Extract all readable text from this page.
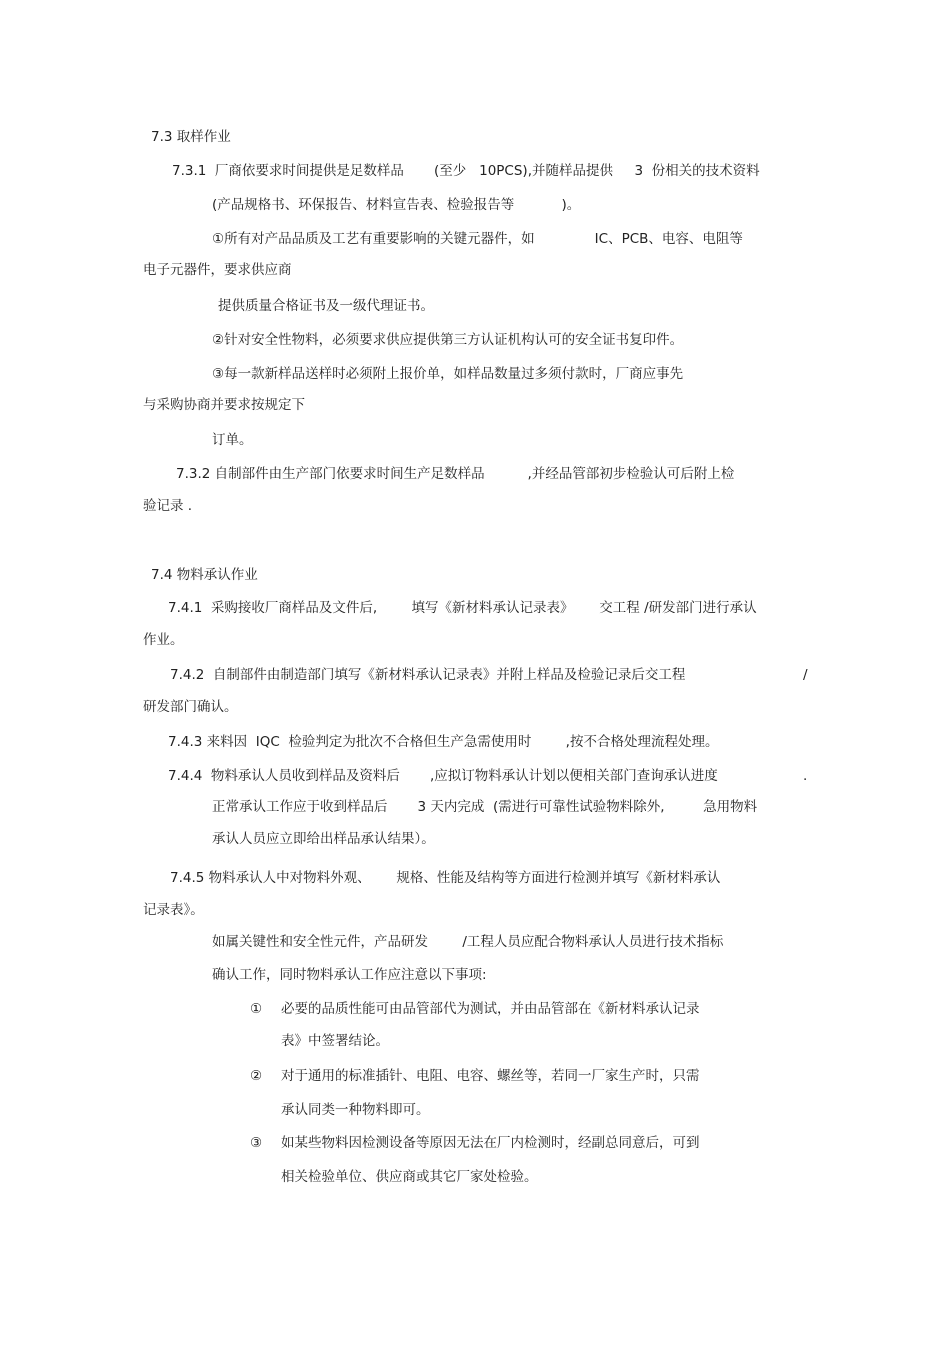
7.3 取样作业
7.3.1  厂商依要求时间提供是足数样品       (至少   10PCS),并随样品提供     3  份相关的技术资料
(产品规格书、环保报告、材料宣告表、检验报告等           )。
①所有对产品品质及工艺有重要影响的关键元器件，如              IC、PCB、电容、电阻等
电子元器件，要求供应商
提供质量合格证书及一级代理证书。
②针对安全性物料，必须要求供应提供第三方认证机构认可的安全证书复印件。
③每一款新样品送样时必须附上报价单，如样品数量过多须付款时，厂商应事先
与采购协商并要求按规定下
订单。
7.3.2 自制部件由生产部门依要求时间生产足数样品          ,并经品管部初步检验认可后附上检
验记录 .
7.4 物料承认作业
7.4.1  采购接收厂商样品及文件后,        填写《新材料承认记录表》      交工程 /研发部门进行承认
作业。
7.4.2  自制部件由制造部门填写《新材料承认记录表》并附上样品及检验记录后交工程	/
研发部门确认。
7.4.3 来料因  IQC  检验判定为批次不合格但生产急需使用时        ,按不合格处理流程处理。
7.4.4  物料承认人员收到样品及资料后       ,应拟订物料承认计划以便相关部门查询承认进度	.
正常承认工作应于收到样品后       3 天内完成  (需进行可靠性试验物料除外,         急用物料
承认人员应立即给出样品承认结果）。
7.4.5 物料承认人中对物料外观、      规格、性能及结构等方面进行检测并填写《新材料承认
记录表》。
如属关键性和安全性元件，产品研发        /工程人员应配合物料承认人员进行技术指标
确认工作，同时物料承认工作应注意以下事项:
① 必要的品质性能可由品管部代为测试，并由品管部在《新材料承认记录
表》中签署结论。
② 对于通用的标准插针、电阻、电容、螺丝等，若同一厂家生产时，只需
承认同类一种物料即可。
③ 如某些物料因检测设备等原因无法在厂内检测时，经副总同意后，可到
相关检验单位、供应商或其它厂家处检验。
